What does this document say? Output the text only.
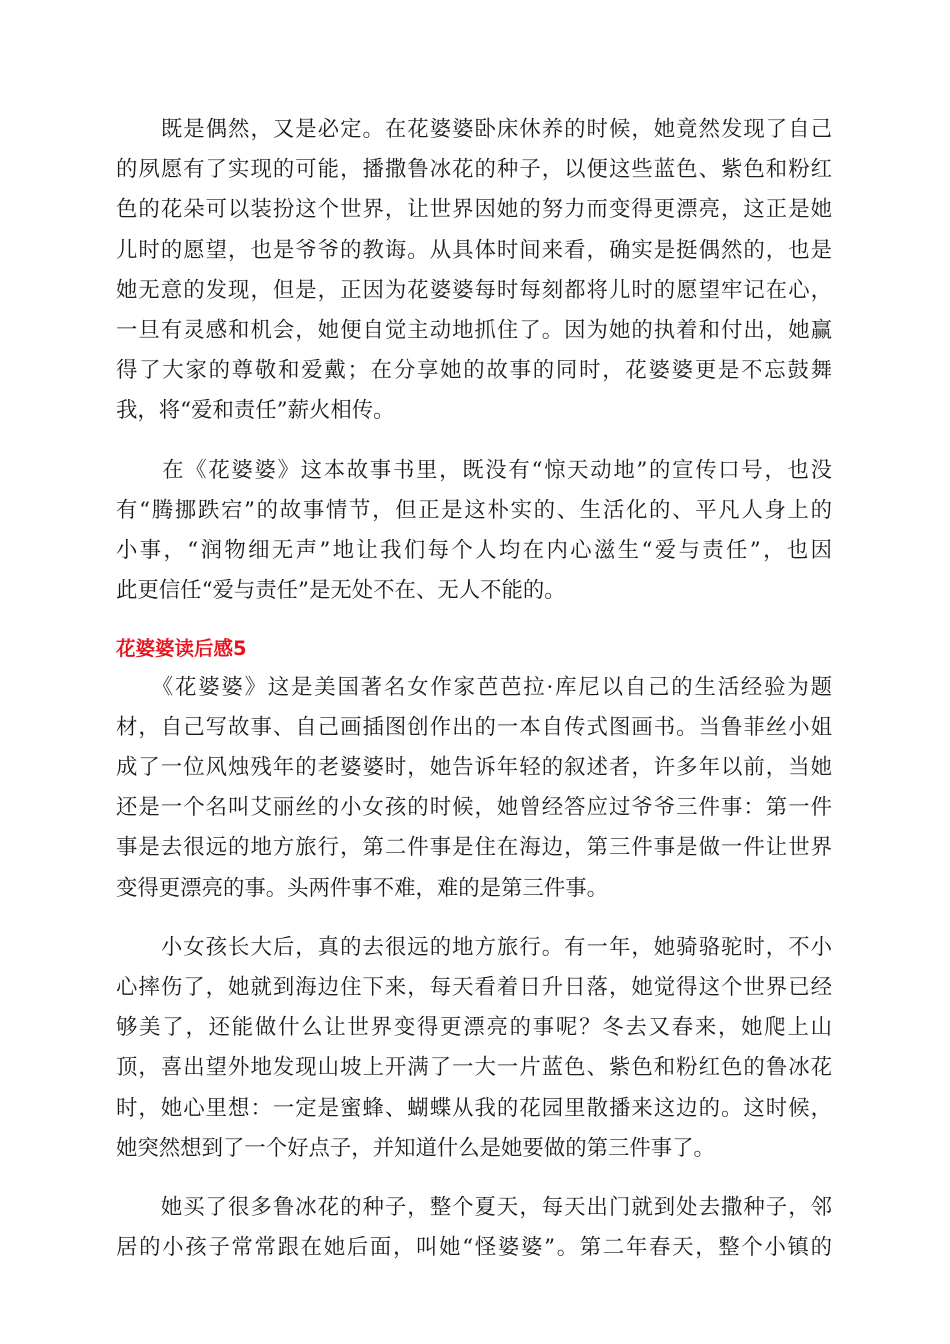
　　既是偶然，又是必定。在花婆婆卧床休养的时候，她竟然发现了自己
的夙愿有了实现的可能，播撒鲁冰花的种子，以便这些蓝色、紫色和粉红
色的花朵可以装扮这个世界，让世界因她的努力而变得更漂亮，这正是她
儿时的愿望，也是爷爷的教诲。从具体时间来看，确实是挺偶然的，也是
她无意的发现，但是，正因为花婆婆每时每刻都将儿时的愿望牢记在心，
一旦有灵感和机会，她便自觉主动地抓住了。因为她的执着和付出，她赢
得了大家的尊敬和爱戴；在分享她的故事的同时，花婆婆更是不忘鼓舞
我，将“爱和责任”薪火相传。

　　在《花婆婆》这本故事书里，既没有“惊天动地”的宣传口号，也没
有“腾挪跌宕”的故事情节，但正是这朴实的、生活化的、平凡人身上的
小事，“润物细无声”地让我们每个人均在内心滋生“爱与责任”，也因
此更信任“爱与责任”是无处不在、无人不能的。

花婆婆读后感5

　　《花婆婆》这是美国著名女作家芭芭拉·库尼以自己的生活经验为题
材，自己写故事、自己画插图创作出的一本自传式图画书。当鲁菲丝小姐
成了一位风烛残年的老婆婆时，她告诉年轻的叙述者，许多年以前，当她
还是一个名叫艾丽丝的小女孩的时候，她曾经答应过爷爷三件事：第一件
事是去很远的地方旅行，第二件事是住在海边，第三件事是做一件让世界
变得更漂亮的事。头两件事不难，难的是第三件事。

　　小女孩长大后，真的去很远的地方旅行。有一年，她骑骆驼时，不小
心摔伤了，她就到海边住下来，每天看着日升日落，她觉得这个世界已经
够美了，还能做什么让世界变得更漂亮的事呢？冬去又春来，她爬上山
顶，喜出望外地发现山坡上开满了一大一片蓝色、紫色和粉红色的鲁冰花
时，她心里想：一定是蜜蜂、蝴蝶从我的花园里散播来这边的。这时候，
她突然想到了一个好点子，并知道什么是她要做的第三件事了。

　　她买了很多鲁冰花的种子，整个夏天，每天出门就到处去撒种子，邻
居的小孩子常常跟在她后面，叫她“怪婆婆”。第二年春天，整个小镇的
